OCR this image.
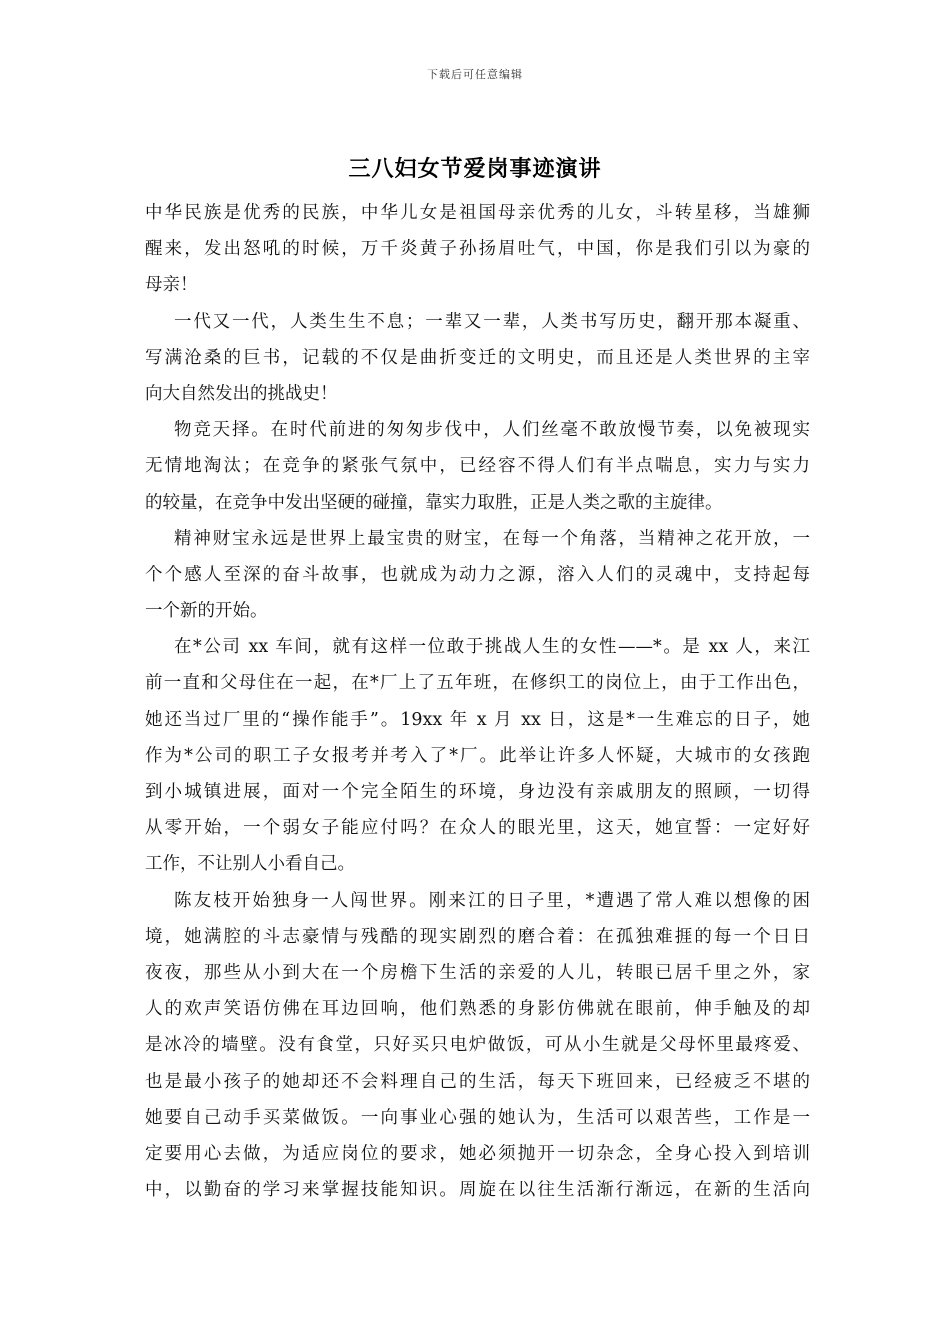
下载后可任意编辑
三八妇女节爱岗事迹演讲
中华民族是优秀的民族，中华儿女是祖国母亲优秀的儿女，斗转星移，当雄狮
醒来，发出怒吼的时候，万千炎黄子孙扬眉吐气，中国，你是我们引以为豪的
母亲！
一代又一代，人类生生不息；一辈又一辈，人类书写历史，翻开那本凝重、
写满沧桑的巨书，记载的不仅是曲折变迁的文明史，而且还是人类世界的主宰
向大自然发出的挑战史！
物竞天择。在时代前进的匆匆步伐中，人们丝毫不敢放慢节奏，以免被现实
无情地淘汰；在竞争的紧张气氛中，已经容不得人们有半点喘息，实力与实力
的较量，在竞争中发出坚硬的碰撞，靠实力取胜，正是人类之歌的主旋律。
精神财宝永远是世界上最宝贵的财宝，在每一个角落，当精神之花开放，一
个个感人至深的奋斗故事，也就成为动力之源，溶入人们的灵魂中，支持起每
一个新的开始。
在*公司 xx 车间，就有这样一位敢于挑战人生的女性——*。是 xx 人，来江
前一直和父母住在一起，在*厂上了五年班，在修织工的岗位上，由于工作出色，
她还当过厂里的“操作能手”。19xx 年 x 月 xx 日，这是*一生难忘的日子，她
作为*公司的职工子女报考并考入了*厂。此举让许多人怀疑，大城市的女孩跑
到小城镇进展，面对一个完全陌生的环境，身边没有亲戚朋友的照顾，一切得
从零开始，一个弱女子能应付吗？在众人的眼光里，这天，她宣誓：一定好好
工作，不让别人小看自己。
陈友枝开始独身一人闯世界。刚来江的日子里，*遭遇了常人难以想像的困
境，她满腔的斗志豪情与残酷的现实剧烈的磨合着：在孤独难捱的每一个日日
夜夜，那些从小到大在一个房檐下生活的亲爱的人儿，转眼已居千里之外，家
人的欢声笑语仿佛在耳边回响，他们熟悉的身影仿佛就在眼前，伸手触及的却
是冰冷的墙壁。没有食堂，只好买只电炉做饭，可从小生就是父母怀里最疼爱、
也是最小孩子的她却还不会料理自己的生活，每天下班回来，已经疲乏不堪的
她要自己动手买菜做饭。一向事业心强的她认为，生活可以艰苦些，工作是一
定要用心去做，为适应岗位的要求，她必须抛开一切杂念，全身心投入到培训
中，以勤奋的学习来掌握技能知识。周旋在以往生活渐行渐远，在新的生活向
